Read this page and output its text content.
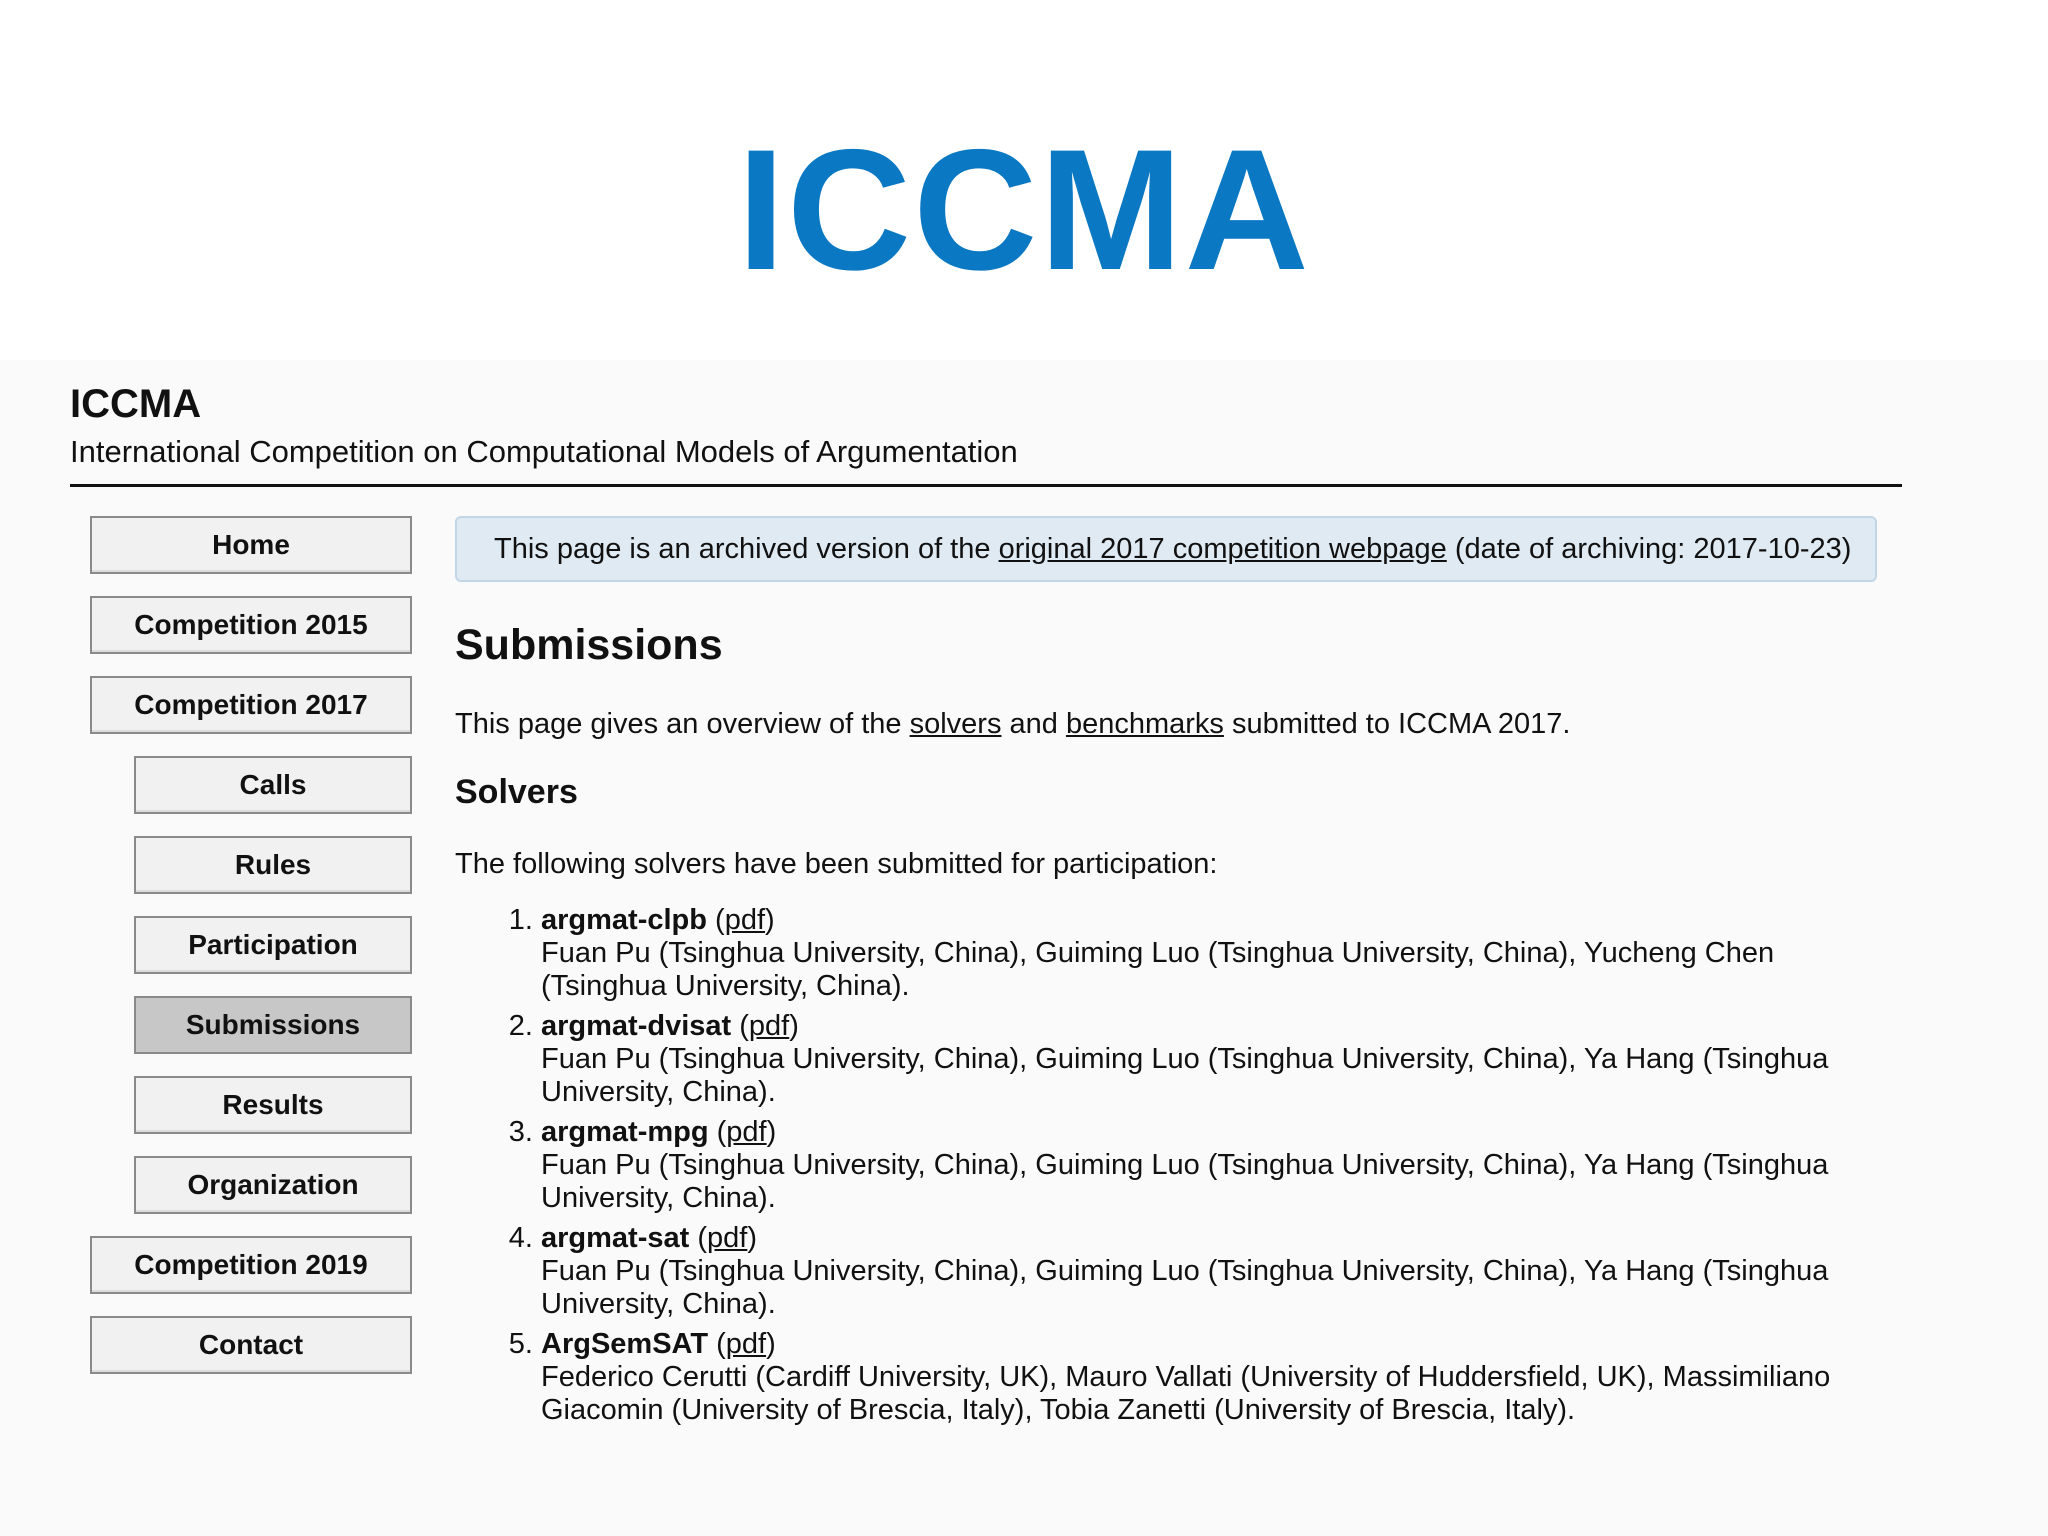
ICCMA
ICCMA
International Competition on Computational Models of Argumentation
Home
Competition 2015
Competition 2017
Calls
Rules
Participation
Submissions
Results
Organization
Competition 2019
Contact
This page is an archived version of the original 2017 competition webpage (date of archiving: 2017-10-23)
Submissions
This page gives an overview of the solvers and benchmarks submitted to ICCMA 2017.
Solvers
The following solvers have been submitted for participation:
1. argmat-clpb (pdf)
Fuan Pu (Tsinghua University, China), Guiming Luo (Tsinghua University, China), Yucheng Chen (Tsinghua University, China).
2. argmat-dvisat (pdf)
Fuan Pu (Tsinghua University, China), Guiming Luo (Tsinghua University, China), Ya Hang (Tsinghua University, China).
3. argmat-mpg (pdf)
Fuan Pu (Tsinghua University, China), Guiming Luo (Tsinghua University, China), Ya Hang (Tsinghua University, China).
4. argmat-sat (pdf)
Fuan Pu (Tsinghua University, China), Guiming Luo (Tsinghua University, China), Ya Hang (Tsinghua University, China).
5. ArgSemSAT (pdf)
Federico Cerutti (Cardiff University, UK), Mauro Vallati (University of Huddersfield, UK), Massimiliano Giacomin (University of Brescia, Italy), Tobia Zanetti (University of Brescia, Italy).
